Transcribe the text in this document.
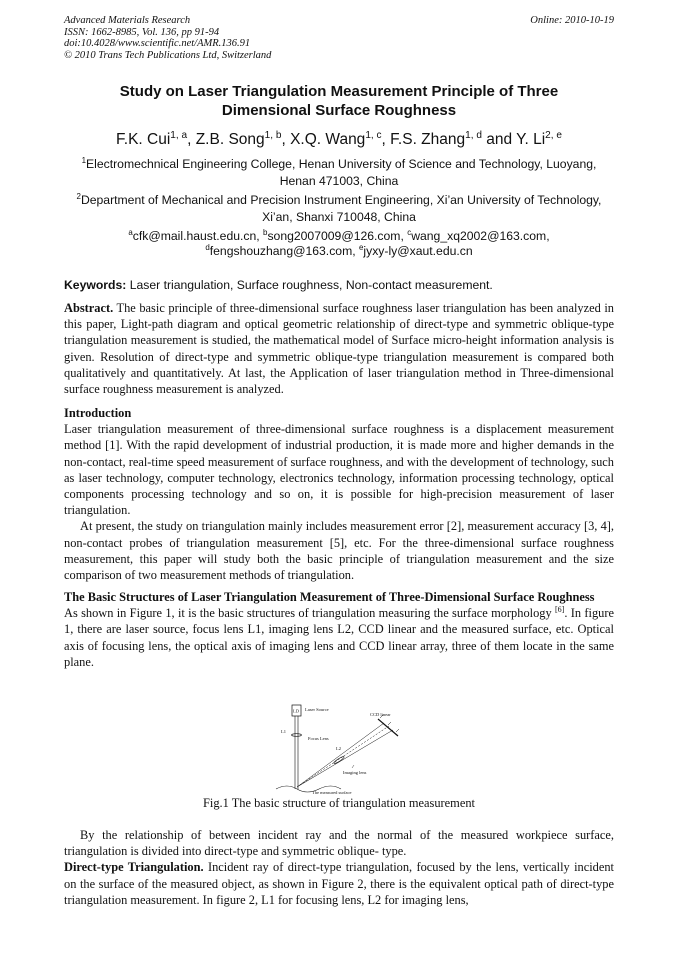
Advanced Materials Research
ISSN: 1662-8985, Vol. 136, pp 91-94
doi:10.4028/www.scientific.net/AMR.136.91
© 2010 Trans Tech Publications Ltd, Switzerland
Online: 2010-10-19
Study on Laser Triangulation Measurement Principle of Three
Dimensional Surface Roughness
F.K. Cui$^{1, a}$, Z.B. Song$^{1, b}$, X.Q. Wang$^{1, c}$, F.S. Zhang$^{1, d}$ and Y. Li$^{2, e}$
$^1$Electromechnical Engineering College, Henan University of Science and Technology, Luoyang,
Henan 471003, China
$^2$Department of Mechanical and Precision Instrument Engineering, Xi’an University of Technology,
Xi’an, Shanxi 710048, China
$^a$cfk@mail.haust.edu.cn, $^b$song2007009@126.com, $^c$wang_xq2002@163.com,
$^d$fengshouzhang@163.com, $^e$jyxy-ly@xaut.edu.cn
Keywords: Laser triangulation, Surface roughness, Non-contact measurement.
Abstract. The basic principle of three-dimensional surface roughness laser triangulation has been analyzed in this paper, Light-path diagram and optical geometric relationship of direct-type and symmetric oblique-type triangulation measurement is studied, the mathematical model of Surface micro-height information analysis is given. Resolution of direct-type and symmetric oblique-type triangulation measurement is compared both qualitatively and quantitatively. At last, the Application of laser triangulation method in Three-dimensional surface roughness measurement is analyzed.
Introduction
Laser triangulation measurement of three-dimensional surface roughness is a displacement measurement method [1]. With the rapid development of industrial production, it is made more and higher demands in the non-contact, real-time speed measurement of surface roughness, and with the development of technology, such as laser technology, computer technology, electronics technology, information processing technology, optical components processing technology and so on, it is possible for high-precision measurement of laser triangulation.
At present, the study on triangulation mainly includes measurement error [2], measurement accuracy [3, 4], non-contact probes of triangulation measurement [5], etc. For the three-dimensional surface roughness measurement, this paper will study both the basic principle of triangulation measurement and the size comparison of two measurement methods of triangulation.
The Basic Structures of Laser Triangulation Measurement of Three-Dimensional Surface Roughness
As shown in Figure 1, it is the basic structures of triangulation measuring the surface morphology [6]. In figure 1, there are laser source, focus lens L1, imaging lens L2, CCD linear and the measured surface, etc. Optical axis of focusing lens, the optical axis of imaging lens and CCD linear array, three of them locate in the same plane.
LD Laser Source
L1
Focus Lens
L2
Imaging lens
CCD linear
The measured surface
Fig.1 The basic structure of triangulation measurement
By the relationship of between incident ray and the normal of the measured workpiece surface, triangulation is divided into direct-type and symmetric oblique- type.
Direct-type Triangulation. Incident ray of direct-type triangulation, focused by the lens, vertically incident on the surface of the measured object, as shown in Figure 2, there is the equivalent optical path of direct-type triangulation measurement. In figure 2, L1 for focusing lens, L2 for imaging lens,
